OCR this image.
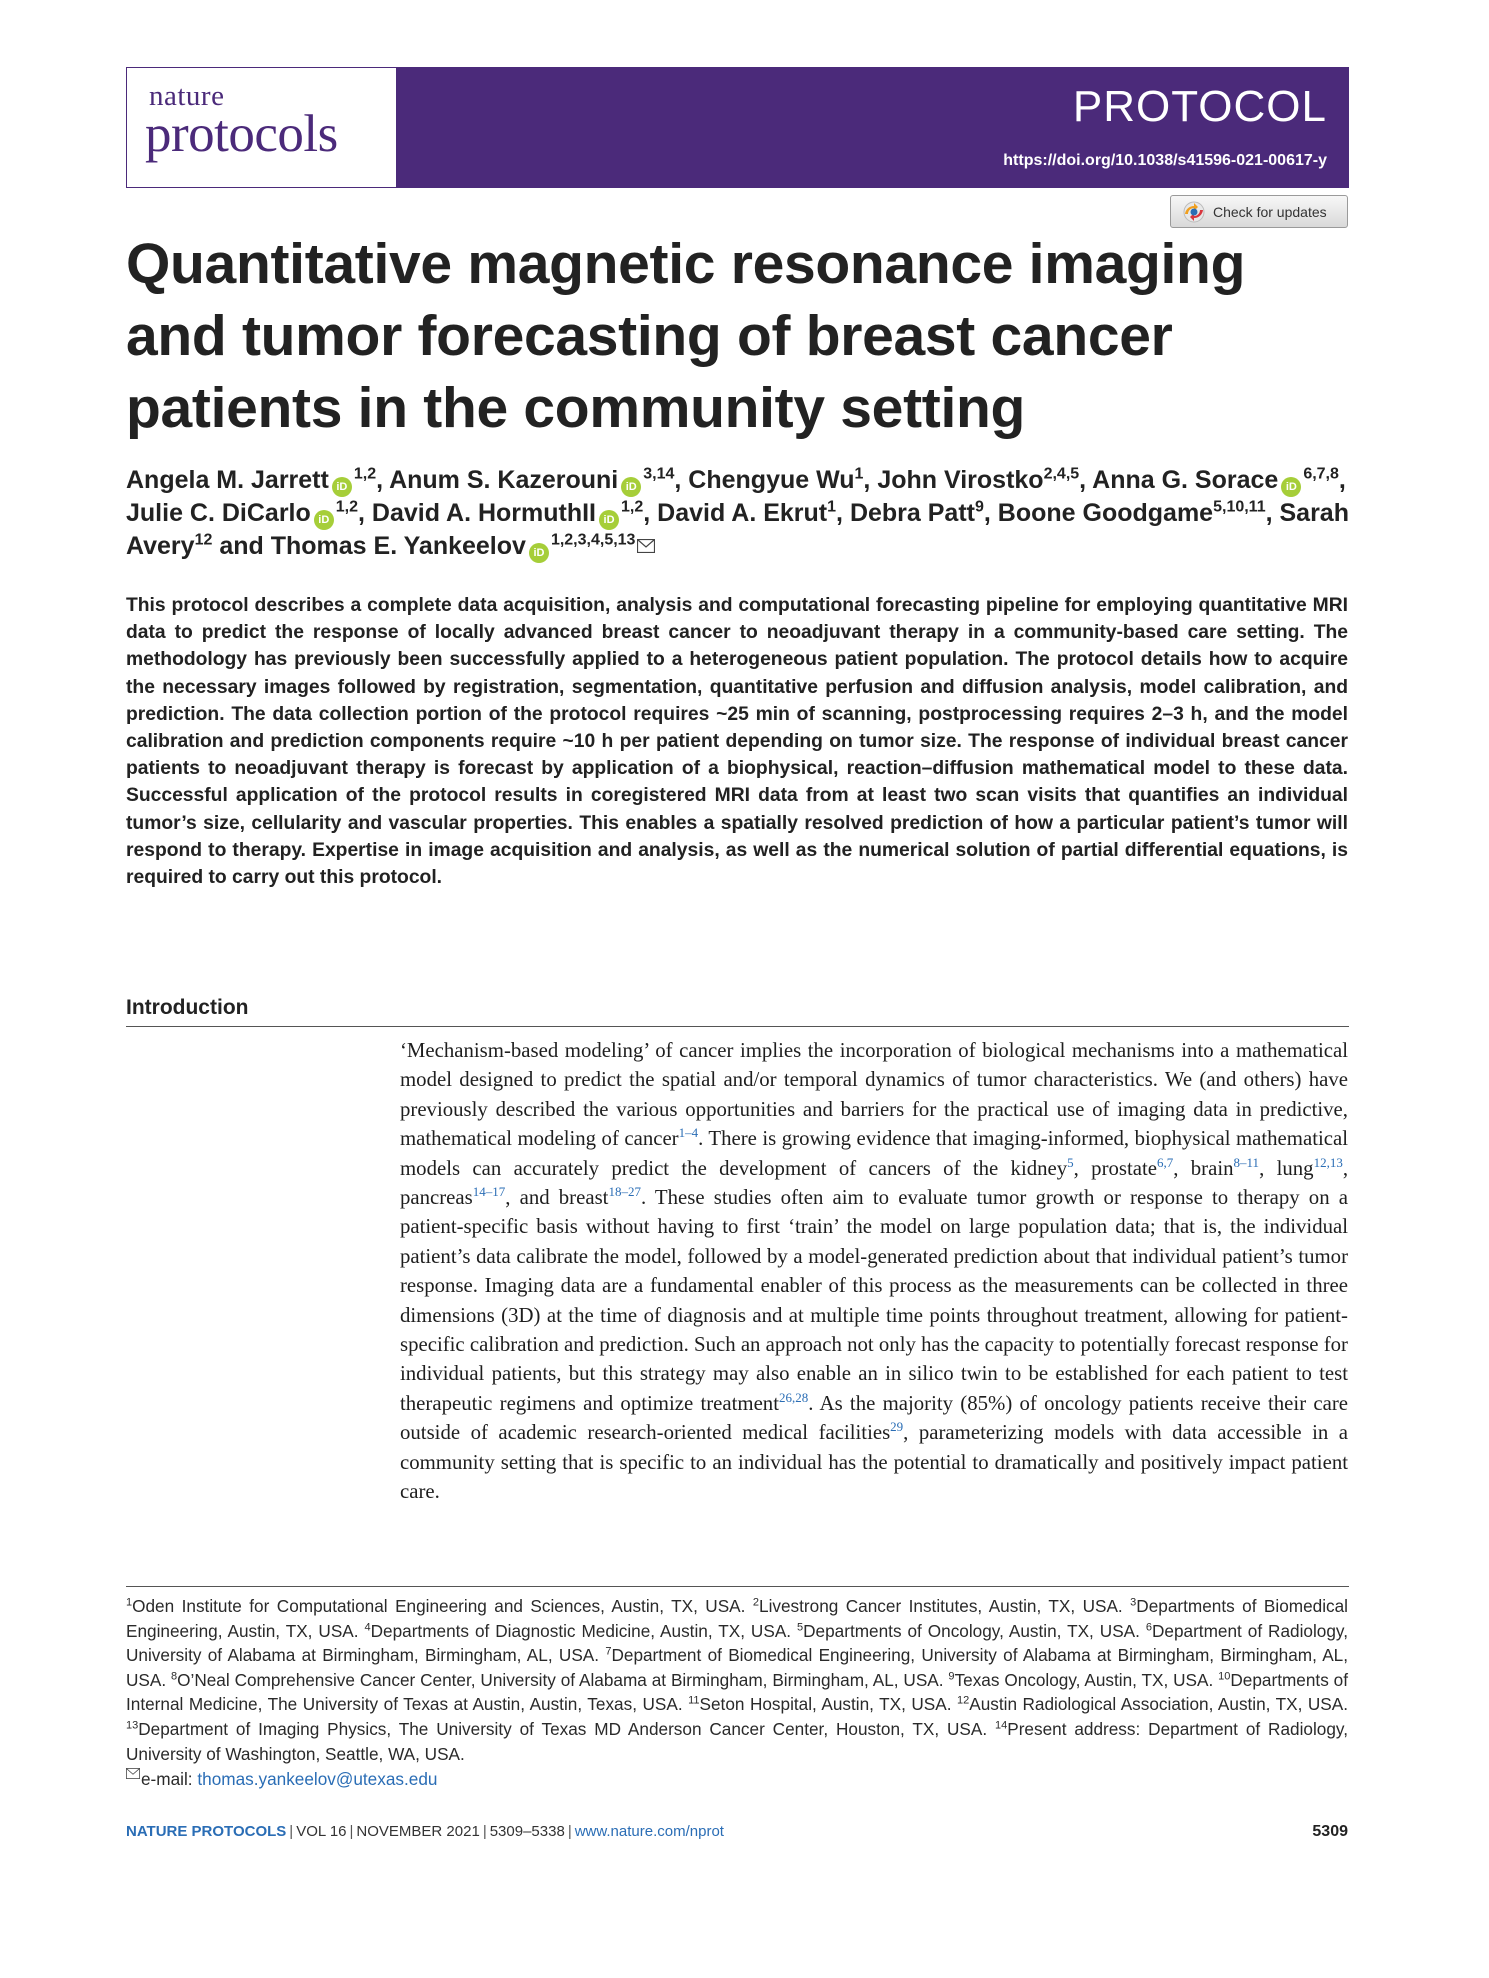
nature
protocols	PROTOCOL
https://doi.org/10.1038/s41596-021-00617-y
Check for updates
Quantitative magnetic resonance imaging and tumor forecasting of breast cancer patients in the community setting
Angela M. Jarrett iD$^{1,2}$, Anum S. Kazerouni iD$^{3,14}$, Chengyue Wu$^1$, John Virostko$^{2,4,5}$, Anna G. Sorace iD$^{6,7,8}$, Julie C. DiCarlo iD$^{1,2}$, David A. HormuthII iD$^{1,2}$, David A. Ekrut$^1$, Debra Patt$^9$, Boone Goodgame$^{5,10,11}$, Sarah Avery$^{12}$ and Thomas E. Yankeelov iD$^{1,2,3,4,5,13}$

This protocol describes a complete data acquisition, analysis and computational forecasting pipeline for employing quantitative MRI data to predict the response of locally advanced breast cancer to neoadjuvant therapy in a community-based care setting. The methodology has previously been successfully applied to a heterogeneous patient population. The protocol details how to acquire the necessary images followed by registration, segmentation, quantitative perfusion and diffusion analysis, model calibration, and prediction. The data collection portion of the protocol requires ~25 min of scanning, postprocessing requires 2–3 h, and the model calibration and prediction components require ~10 h per patient depending on tumor size. The response of individual breast cancer patients to neoadjuvant therapy is forecast by application of a biophysical, reaction–diffusion mathematical model to these data. Successful application of the protocol results in coregistered MRI data from at least two scan visits that quantifies an individual tumor’s size, cellularity and vascular properties. This enables a spatially resolved prediction of how a particular patient’s tumor will respond to therapy. Expertise in image acquisition and analysis, as well as the numerical solution of partial differential equations, is required to carry out this protocol.

Introduction

‘Mechanism-based modeling’ of cancer implies the incorporation of biological mechanisms into a mathematical model designed to predict the spatial and/or temporal dynamics of tumor characteristics. We (and others) have previously described the various opportunities and barriers for the practical use of imaging data in predictive, mathematical modeling of cancer$^{1-4}$. There is growing evidence that imaging-informed, biophysical mathematical models can accurately predict the development of cancers of the kidney$^5$, prostate$^{6,7}$, brain$^{8-11}$, lung$^{12,13}$, pancreas$^{14-17}$, and breast$^{18-27}$. These studies often aim to evaluate tumor growth or response to therapy on a patient-specific basis without having to first ‘train’ the model on large population data; that is, the individual patient’s data calibrate the model, followed by a model-generated prediction about that individual patient’s tumor response. Imaging data are a fundamental enabler of this process as the measurements can be collected in three dimensions (3D) at the time of diagnosis and at multiple time points throughout treatment, allowing for patient-specific calibration and prediction. Such an approach not only has the capacity to potentially forecast response for individual patients, but this strategy may also enable an in silico twin to be established for each patient to test therapeutic regimens and optimize treatment$^{26,28}$. As the majority (85%) of oncology patients receive their care outside of academic research-oriented medical facilities$^{29}$, parameterizing models with data accessible in a community setting that is specific to an individual has the potential to dramatically and positively impact patient care.

$^1$Oden Institute for Computational Engineering and Sciences, Austin, TX, USA. $^2$Livestrong Cancer Institutes, Austin, TX, USA. $^3$Departments of Biomedical Engineering, Austin, TX, USA. $^4$Departments of Diagnostic Medicine, Austin, TX, USA. $^5$Departments of Oncology, Austin, TX, USA. $^6$Department of Radiology, University of Alabama at Birmingham, Birmingham, AL, USA. $^7$Department of Biomedical Engineering, University of Alabama at Birmingham, Birmingham, AL, USA. $^8$O’Neal Comprehensive Cancer Center, University of Alabama at Birmingham, Birmingham, AL, USA. $^9$Texas Oncology, Austin, TX, USA. $^{10}$Departments of Internal Medicine, The University of Texas at Austin, Austin, Texas, USA. $^{11}$Seton Hospital, Austin, TX, USA. $^{12}$Austin Radiological Association, Austin, TX, USA. $^{13}$Department of Imaging Physics, The University of Texas MD Anderson Cancer Center, Houston, TX, USA. $^{14}$Present address: Department of Radiology, University of Washington, Seattle, WA, USA.

e-mail: thomas.yankeelov@utexas.edu
NATURE PROTOCOLS | VOL 16 | NOVEMBER 2021 | 5309–5338 | www.nature.com/nprot	5309
